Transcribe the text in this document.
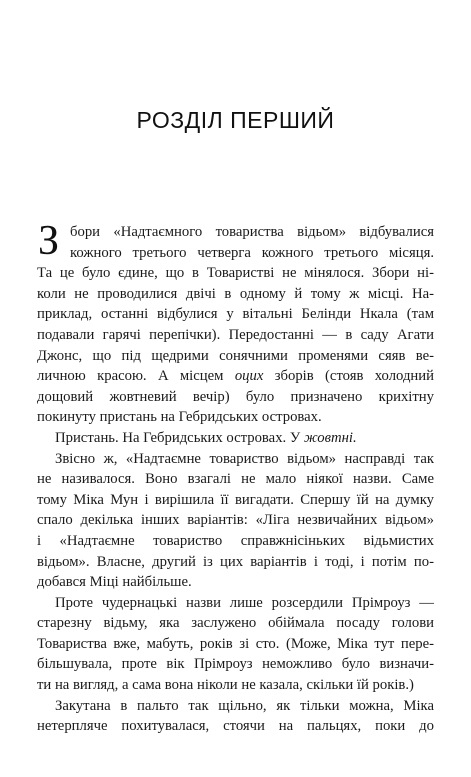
РОЗДІЛ ПЕРШИЙ
З бори «Надтаємного товариства відьом» відбувалися
кожного третього четверга кожного третього місяця.
Та це було єдине, що в Товаристві не мінялося. Збори ні-
коли не проводилися двічі в одному й тому ж місці. На-
приклад, останні відбулися у вітальні Белінди Нкала (там
подавали гарячі перепічки). Передостанні — в саду Агати
Джонс, що під щедрими сонячними променями сяяв ве-
личною красою. А місцем оцих зборів (стояв холодний
дощовий жовтневий вечір) було призначено крихітну
покинуту пристань на Гебридських островах.
Пристань. На Гебридських островах. У жовтні.
Звісно ж, «Надтаємне товариство відьом» насправді так
не називалося. Воно взагалі не мало ніякої назви. Саме
тому Міка Мун і вирішила її вигадати. Спершу їй на думку
спало декілька інших варіантів: «Ліга незвичайних відьом»
і «Надтаємне товариство справжнісіньких відьмистих
відьом». Власне, другий із цих варіантів і тоді, і потім по-
добався Міці найбільше.
Проте чудернацькі назви лише розсердили Прімроуз —
старезну відьму, яка заслужено обіймала посаду голови
Товариства вже, мабуть, років зі сто. (Може, Міка тут пере-
більшувала, проте вік Прімроуз неможливо було визначи-
ти на вигляд, а сама вона ніколи не казала, скільки їй років.)
Закутана в пальто так щільно, як тільки можна, Міка
нетерпляче похитувалася, стоячи на пальцях, поки до
